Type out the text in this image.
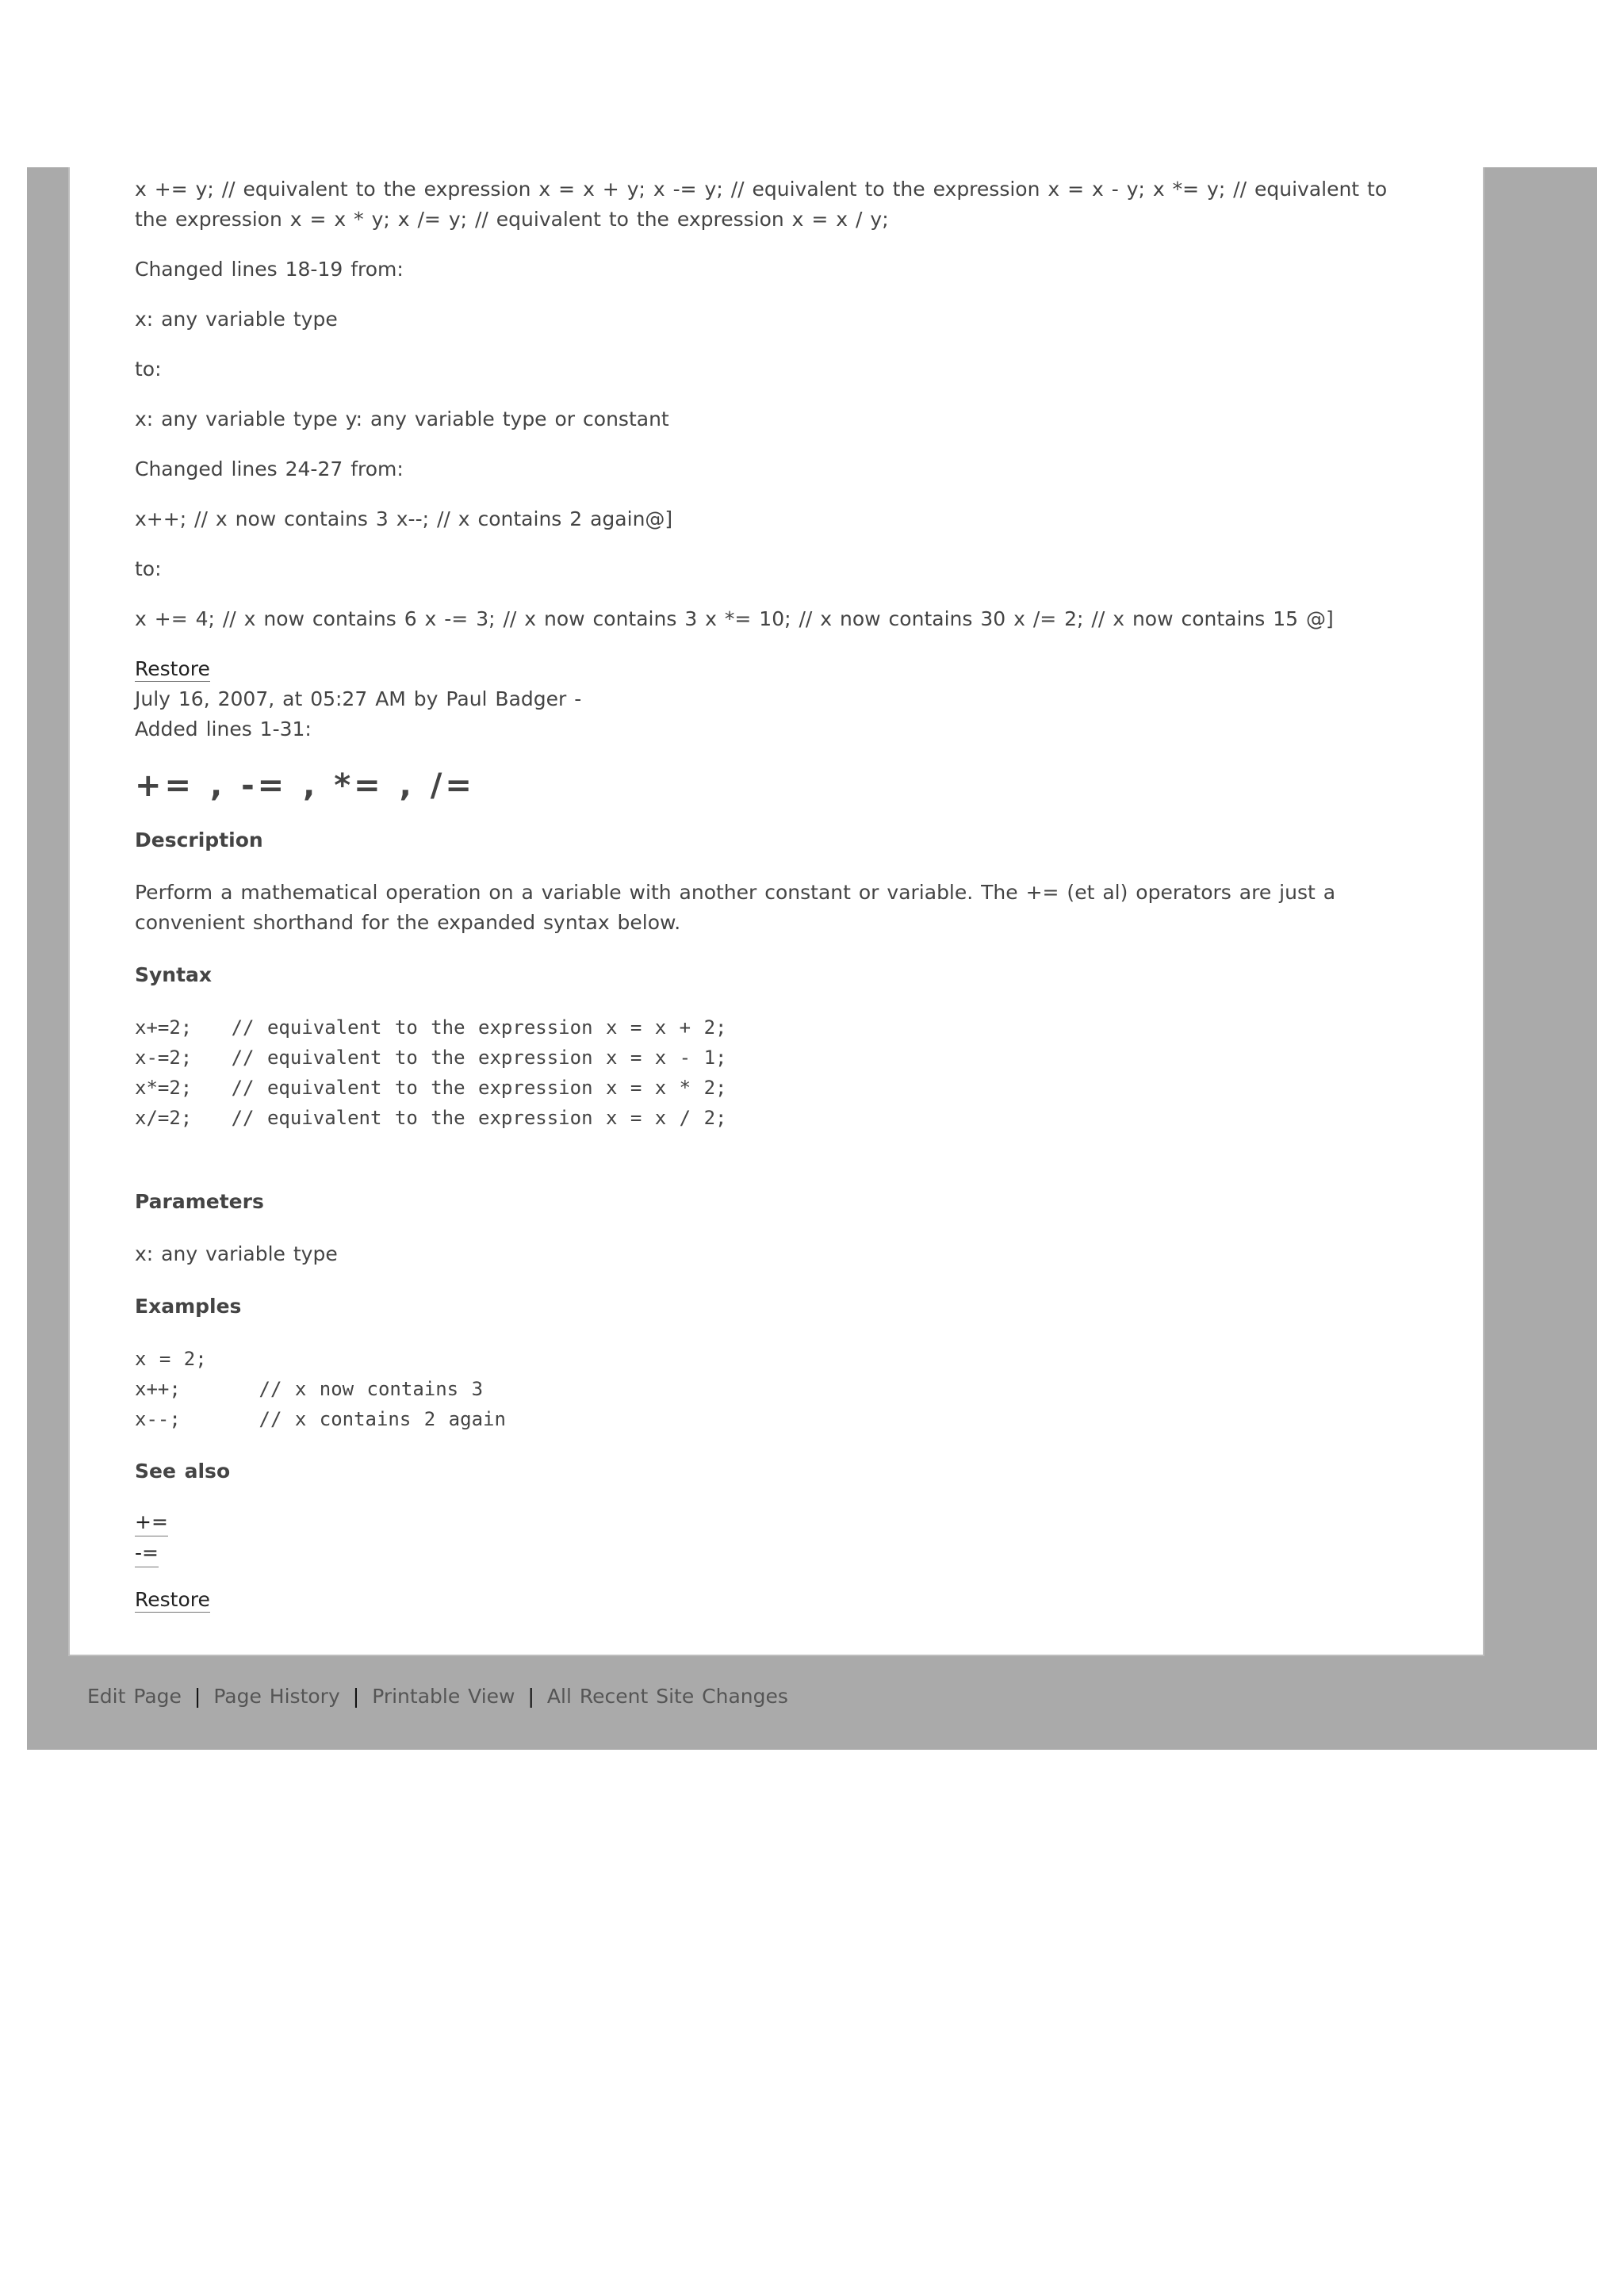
x += y; // equivalent to the expression x = x + y; x -= y; // equivalent to the expression x = x - y; x *= y; // equivalent to the expression x = x * y; x /= y; // equivalent to the expression x = x / y;

Changed lines 18-19 from:

x: any variable type

to:

x: any variable type y: any variable type or constant

Changed lines 24-27 from:

x++; // x now contains 3 x--; // x contains 2 again@]

to:

x += 4; // x now contains 6 x -= 3; // x now contains 3 x *= 10; // x now contains 30 x /= 2; // x now contains 15 @]

Restore
July 16, 2007, at 05:27 AM by Paul Badger -
Added lines 1-31:
+= , -= , *= , /=
Description

Perform a mathematical operation on a variable with another constant or variable. The += (et al) operators are just a convenient shorthand for the expanded syntax below.

Syntax
x+=2;   // equivalent to the expression x = x + 2;
x-=2;   // equivalent to the expression x = x - 1;
x*=2;   // equivalent to the expression x = x * 2;
x/=2;   // equivalent to the expression x = x / 2;
Parameters

x: any variable type

Examples
x = 2;
x++;      // x now contains 3
x--;      // x contains 2 again
See also
+=
-=
Restore
Edit Page | Page History | Printable View | All Recent Site Changes
